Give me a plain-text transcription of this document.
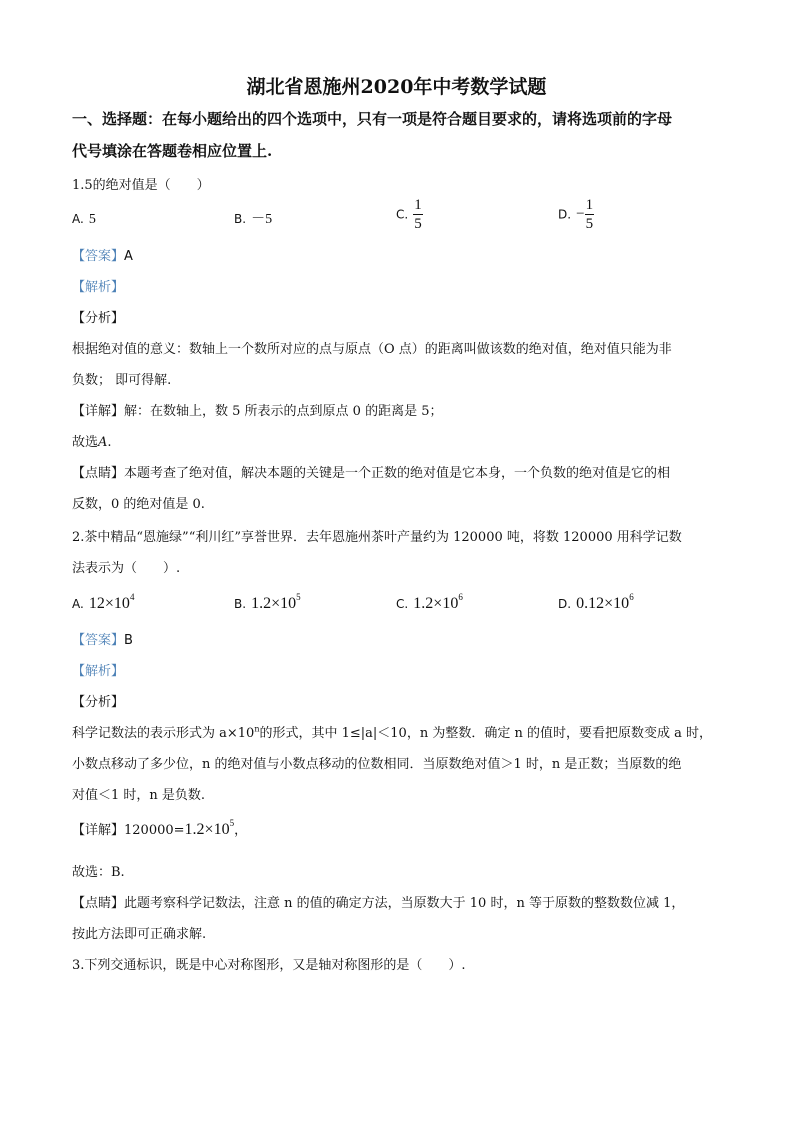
湖北省恩施州2020年中考数学试题
一、选择题：在每小题给出的四个选项中，只有一项是符合题目要求的，请将选项前的字母
代号填涂在答题卷相应位置上.
1.5的绝对值是（　　）
A. 5	B. －5	C. $\frac{1}{5}$	D. − $\frac{1}{5}$
【答案】A
【解析】
【分析】
根据绝对值的意义：数轴上一个数所对应的点与原点（O 点）的距离叫做该数的绝对值，绝对值只能为非
负数； 即可得解.
【详解】解：在数轴上，数 5 所表示的点到原点 0 的距离是 5；
故选A.
【点睛】本题考查了绝对值，解决本题的关键是一个正数的绝对值是它本身，一个负数的绝对值是它的相
反数，0 的绝对值是 0.
2.茶中精品“恩施绿”“利川红”享誉世界．去年恩施州茶叶产量约为 120000 吨，将数 120000 用科学记数
法表示为（　　）.
A. $12\times 10^4$	B. $1.2\times 10^5$	C. $1.2\times 10^6$	D. $0.12\times 10^6$
【答案】B
【解析】
【分析】
科学记数法的表示形式为 $a\times 10^n$的形式，其中 1≤|a|＜10，n 为整数．确定 n 的值时，要看把原数变成 a 时，
小数点移动了多少位，n 的绝对值与小数点移动的位数相同．当原数绝对值＞1 时，n 是正数；当原数的绝
对值＜1 时，n 是负数.
【详解】$120000=1.2\times 10^5$，
故选：B.
【点睛】此题考察科学记数法，注意 n 的值的确定方法，当原数大于 10 时，n 等于原数的整数数位减 1，
按此方法即可正确求解.
3.下列交通标识，既是中心对称图形，又是轴对称图形的是（　　）.
